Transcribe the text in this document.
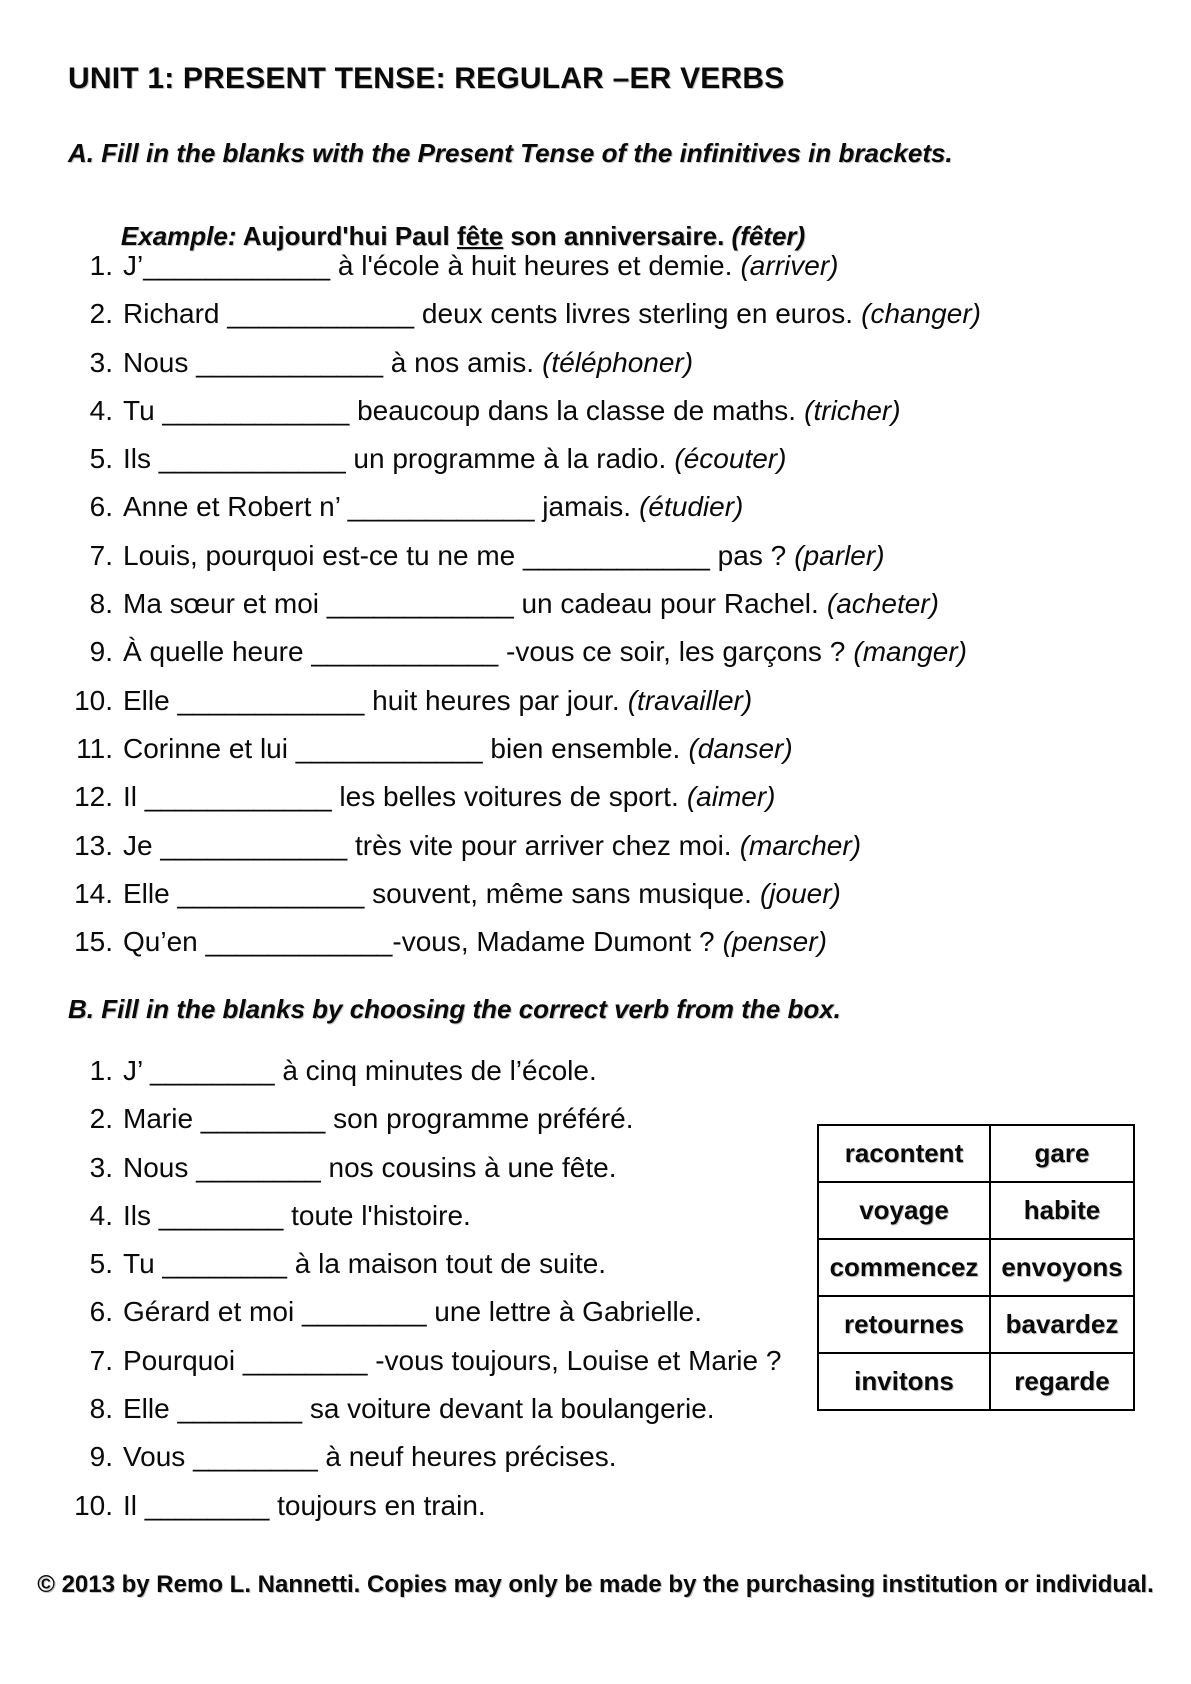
UNIT 1: PRESENT TENSE: REGULAR –ER VERBS
A. Fill in the blanks with the Present Tense of the infinitives in brackets.

Example: Aujourd'hui Paul fête son anniversaire. (fêter)

1. J’____________ à l'école à huit heures et demie. (arriver)
2. Richard ____________ deux cents livres sterling en euros. (changer)
3. Nous ____________ à nos amis. (téléphoner)
4. Tu ____________ beaucoup dans la classe de maths. (tricher)
5. Ils ____________ un programme à la radio. (écouter)
6. Anne et Robert n’ ____________ jamais. (étudier)
7. Louis, pourquoi est-ce tu ne me ____________ pas ? (parler)
8. Ma sœur et moi ____________ un cadeau pour Rachel. (acheter)
9. À quelle heure ____________ -vous ce soir, les garçons ? (manger)
10. Elle ____________ huit heures par jour. (travailler)
11. Corinne et lui ____________ bien ensemble. (danser)
12. Il ____________ les belles voitures de sport. (aimer)
13. Je ____________ très vite pour arriver chez moi. (marcher)
14. Elle ____________ souvent, même sans musique. (jouer)
15. Qu’en ____________-vous, Madame Dumont ? (penser)
B. Fill in the blanks by choosing the correct verb from the box.
1. J’ ________ à cinq minutes de l’école.
2. Marie ________ son programme préféré.
3. Nous ________ nos cousins à une fête.
4. Ils ________ toute l'histoire.
5. Tu ________ à la maison tout de suite.
6. Gérard et moi ________ une lettre à Gabrielle.
7. Pourquoi ________ -vous toujours, Louise et Marie ?
8. Elle ________ sa voiture devant la boulangerie.
9. Vous ________ à neuf heures précises.
10. Il ________ toujours en train.
racontent	gare
voyage	habite
commencez	envoyons
retournes	bavardez
invitons	regarde
© 2013 by Remo L. Nannetti. Copies may only be made by the purchasing institution or individual.
